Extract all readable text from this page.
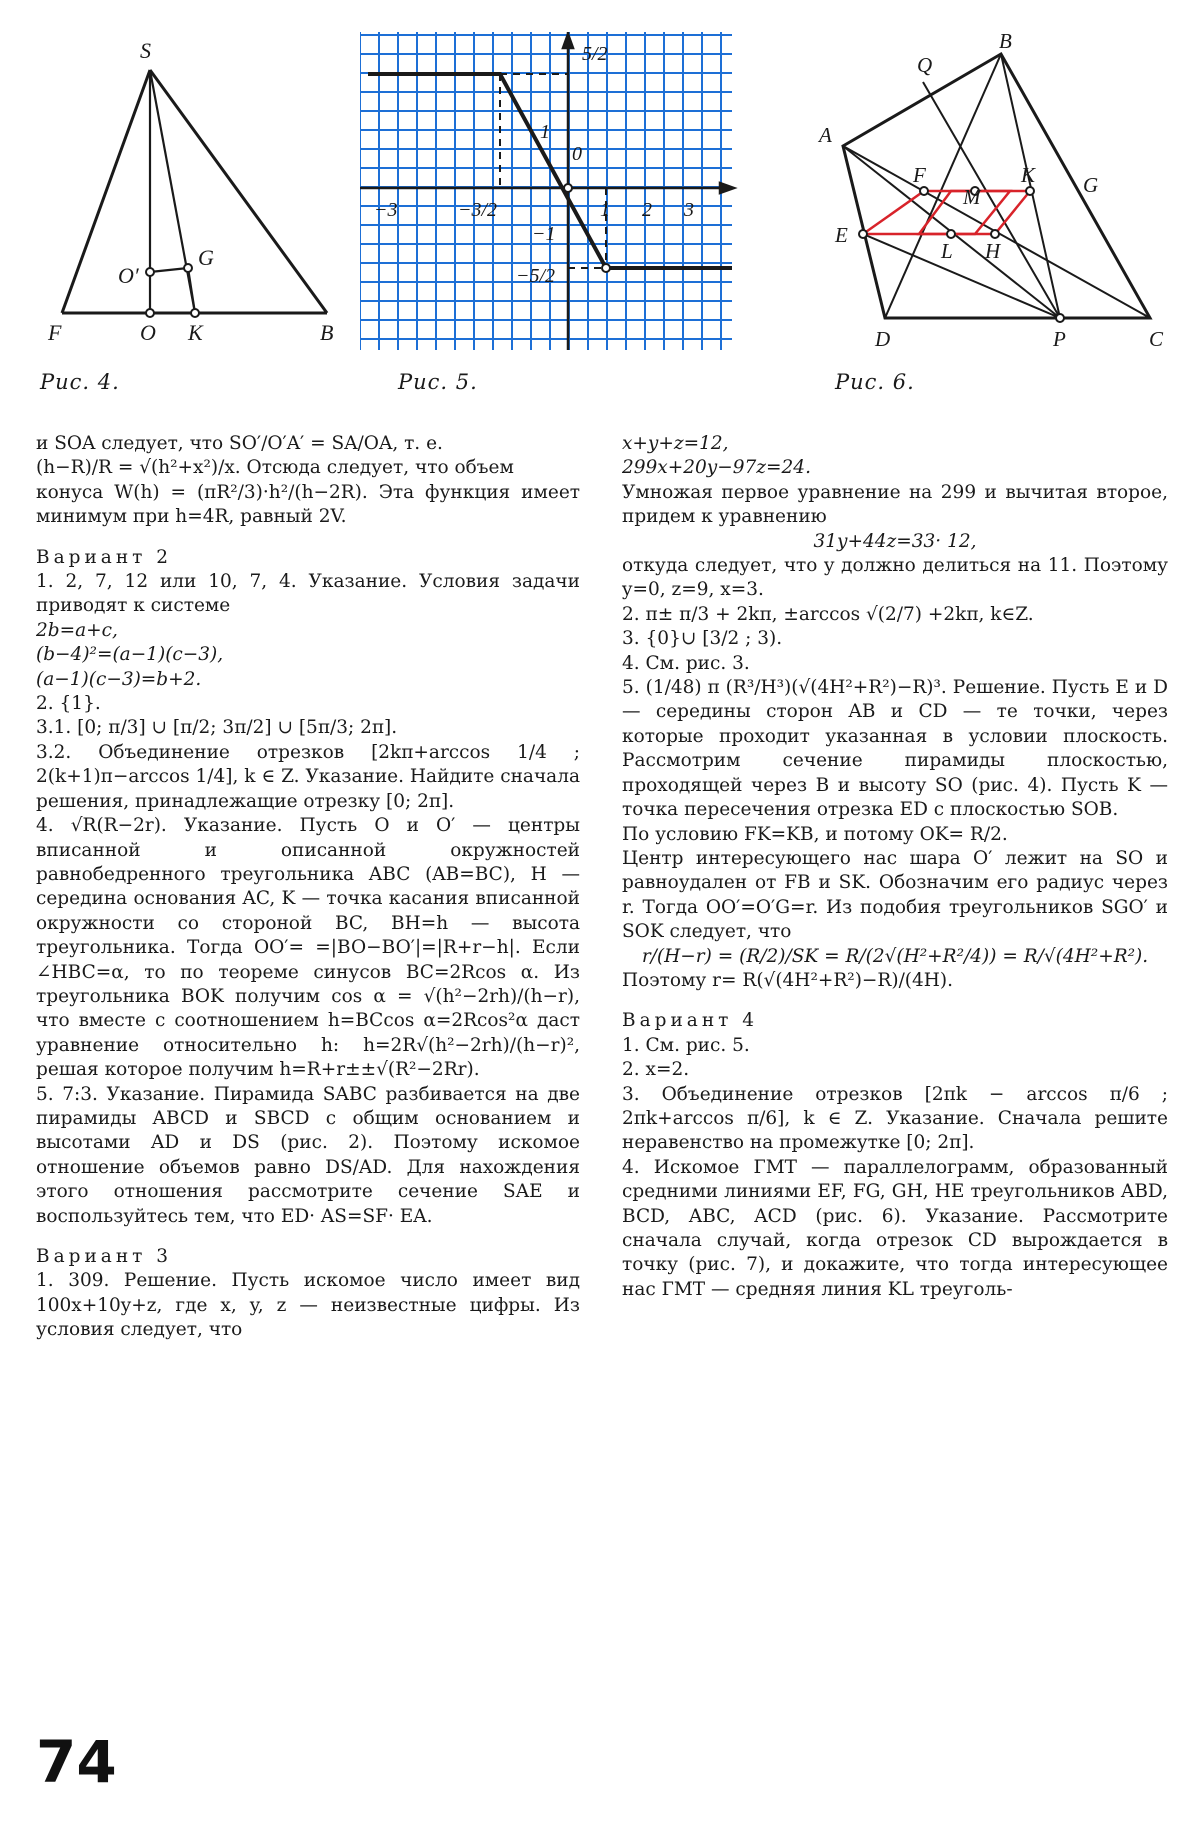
S
O′
G
F	O K	B
Рис. 4.
5/2
1
0
−3	−3/2	1 2 3
−1
−5/2
Рис. 5.
B
Q
A
F
M
K G
E
L H
D	P	C
Рис. 6.

и SOA следует, что SO′/O′A′ = SA/OA, т. е.

(h−R)/R = √(h²+x²)/x. Отсюда следует, что объем

конуса W(h) = (πR²/3)·h²/(h−2R). Эта функция имеет минимум при h=4R, равный 2V.

Вариант 2

1. 2, 7, 12 или 10, 7, 4. Указание. Условия задачи приводят к системе

2b=a+c,

(b−4)²=(a−1)(c−3),

(a−1)(c−3)=b+2.

2. {1}.

3.1. [0; π/3] ∪ [π/2; 3π/2] ∪ [5π/3; 2π].

3.2. Объединение отрезков [2kπ+arccos 1/4 ; 2(k+1)π−arccos 1/4], k ∈ Z. Указание. Найдите сначала решения, принадлежащие отрезку [0; 2π].

4. √R(R−2r). Указание. Пусть O и O′ — центры вписанной и описанной окружностей равнобедренного треугольника ABC (AB=BC), H — середина основания AC, K — точка касания вписанной окружности со стороной BC, BH=h — высота треугольника. Тогда OO′= =|BO−BO′|=|R+r−h|. Если ∠HBC=α, то по теореме синусов BC=2Rcos α. Из треугольника BOK получим cos α = √(h²−2rh)/(h−r), что вместе с соотношением h=BCcos α=2Rcos²α даст уравнение относительно h: h=2R√(h²−2rh)/(h−r)², решая которое получим h=R+r±±√(R²−2Rr).

5. 7:3. Указание. Пирамида SABC разбивается на две пирамиды ABCD и SBCD с общим основанием и высотами AD и DS (рис. 2). Поэтому искомое отношение объемов равно DS/AD. Для нахождения этого отношения рассмотрите сечение SAE и воспользуйтесь тем, что ED· AS=SF· EA.

Вариант 3

1. 309. Решение. Пусть искомое число имеет вид 100x+10y+z, где x, y, z — неизвестные цифры. Из условия следует, что

x+y+z=12,

299x+20y−97z=24.

Умножая первое уравнение на 299 и вычитая второе, придем к уравнению

31y+44z=33· 12,

откуда следует, что y должно делиться на 11. Поэтому y=0, z=9, x=3.

2. π± π/3 + 2kπ, ±arccos √(2/7) +2kπ, k∈Z.

3. {0}∪ [3/2 ; 3).

4. См. рис. 3.

5. (1/48) π (R³/H³)(√(4H²+R²)−R)³. Решение. Пусть E и D — середины сторон AB и CD — те точки, через которые проходит указанная в условии плоскость. Рассмотрим сечение пирамиды плоскостью, проходящей через B и высоту SO (рис. 4). Пусть K — точка пересечения отрезка ED с плоскостью SOB.

По условию FK=KB, и потому OK= R/2.

Центр интересующего нас шара O′ лежит на SO и равноудален от FB и SK. Обозначим его радиус через r. Тогда OO′=O′G=r. Из подобия треугольников SGO′ и SOK следует, что

r/(H−r) = (R/2)/SK = R/(2√(H²+R²/4)) = R/√(4H²+R²).

Поэтому r= R(√(4H²+R²)−R)/(4H).

Вариант 4

1. См. рис. 5.

2. x=2.

3. Объединение отрезков [2πk − arccos π/6 ; 2πk+arccos π/6], k ∈ Z. Указание. Сначала решите неравенство на промежутке [0; 2π].

4. Искомое ГМТ — параллелограмм, образованный средними линиями EF, FG, GH, HE треугольников ABD, BCD, ABC, ACD (рис. 6). Указание. Рассмотрите сначала случай, когда отрезок CD вырождается в точку (рис. 7), и докажите, что тогда интересующее нас ГМТ — средняя линия KL треуголь-

74
